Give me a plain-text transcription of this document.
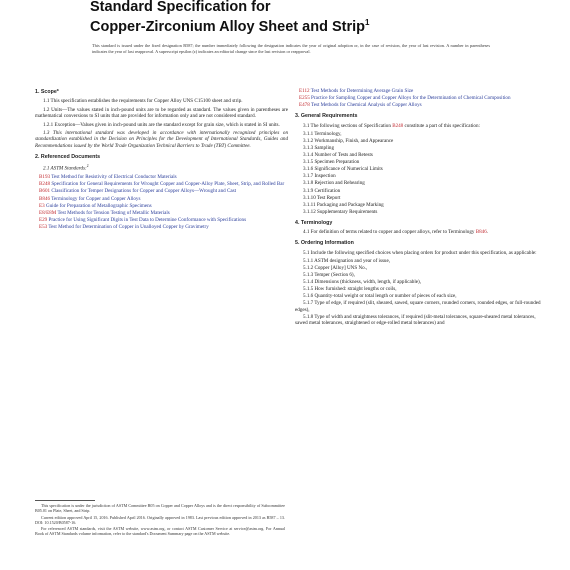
Standard Specification for
Copper-Zirconium Alloy Sheet and Strip$^1$
This standard is issued under the fixed designation B587; the number immediately following the designation indicates the year of original adoption or, in the case of revision, the year of last revision. A number in parentheses indicates the year of last reapproval. A superscript epsilon (ε) indicates an editorial change since the last revision or reapproval.

1. Scope*

1.1 This specification establishes the requirements for Copper Alloy UNS C15100 sheet and strip.

1.2 Units—The values stated in inch-pound units are to be regarded as standard. The values given in parentheses are mathematical conversions to SI units that are provided for information only and are not considered standard.

1.2.1 Exception—Values given in inch-pound units are the standard except for grain size, which is stated in SI units.

1.3 This international standard was developed in accordance with internationally recognized principles on standardization established in the Decision on Principles for the Development of International Standards, Guides and Recommendations issued by the World Trade Organization Technical Barriers to Trade (TBT) Committee.

2. Referenced Documents

2.1 ASTM Standards:$^2$

B193 Test Method for Resistivity of Electrical Conductor Materials

B248 Specification for General Requirements for Wrought Copper and Copper-Alloy Plate, Sheet, Strip, and Rolled Bar

B601 Classification for Temper Designations for Copper and Copper Alloys—Wrought and Cast

B846 Terminology for Copper and Copper Alloys

E3 Guide for Preparation of Metallographic Specimens

E8/E8M Test Methods for Tension Testing of Metallic Materials

E29 Practice for Using Significant Digits in Test Data to Determine Conformance with Specifications

E53 Test Method for Determination of Copper in Unalloyed Copper by Gravimetry

This specification is under the jurisdiction of ASTM Committee B05 on Copper and Copper Alloys and is the direct responsibility of Subcommittee B05.01 on Plate, Sheet, and Strip.

Current edition approved April 15, 2016. Published April 2016. Originally approved in 1983. Last previous edition approved in 2013 as B587 – 13. DOI: 10.1520/B0587-16.

For referenced ASTM standards, visit the ASTM website, www.astm.org, or contact ASTM Customer Service at service@astm.org. For Annual Book of ASTM Standards volume information, refer to the standard's Document Summary page on the ASTM website.

E112 Test Methods for Determining Average Grain Size

E255 Practice for Sampling Copper and Copper Alloys for the Determination of Chemical Composition

E478 Test Methods for Chemical Analysis of Copper Alloys

3. General Requirements

3.1 The following sections of Specification B248 constitute a part of this specification:

3.1.1 Terminology,

3.1.2 Workmanship, Finish, and Appearance

3.1.3 Sampling

3.1.4 Number of Tests and Retests

3.1.5 Specimen Preparation

3.1.6 Significance of Numerical Limits

3.1.7 Inspection

3.1.8 Rejection and Rehearing

3.1.9 Certification

3.1.10 Test Report

3.1.11 Packaging and Package Marking

3.1.12 Supplementary Requirements

4. Terminology

4.1 For definition of terms related to copper and copper alloys, refer to Terminology B846.

5. Ordering Information

5.1 Include the following specified choices when placing orders for product under this specification, as applicable:

5.1.1 ASTM designation and year of issue,

5.1.2 Copper [Alloy] UNS No.,

5.1.3 Temper (Section 6),

5.1.4 Dimensions (thickness, width, length, if applicable),

5.1.5 How furnished: straight lengths or coils,

5.1.6 Quantity-total weight or total length or number of pieces of each size,

5.1.7 Type of edge, if required (slit, sheared, sawed, square corners, rounded corners, rounded edges, or full-rounded edges),

5.1.8 Type of width and straightness tolerances, if required (slit-metal tolerances, square-sheared metal tolerances, sawed metal tolerances, straightened or edge-rolled metal tolerances) and
